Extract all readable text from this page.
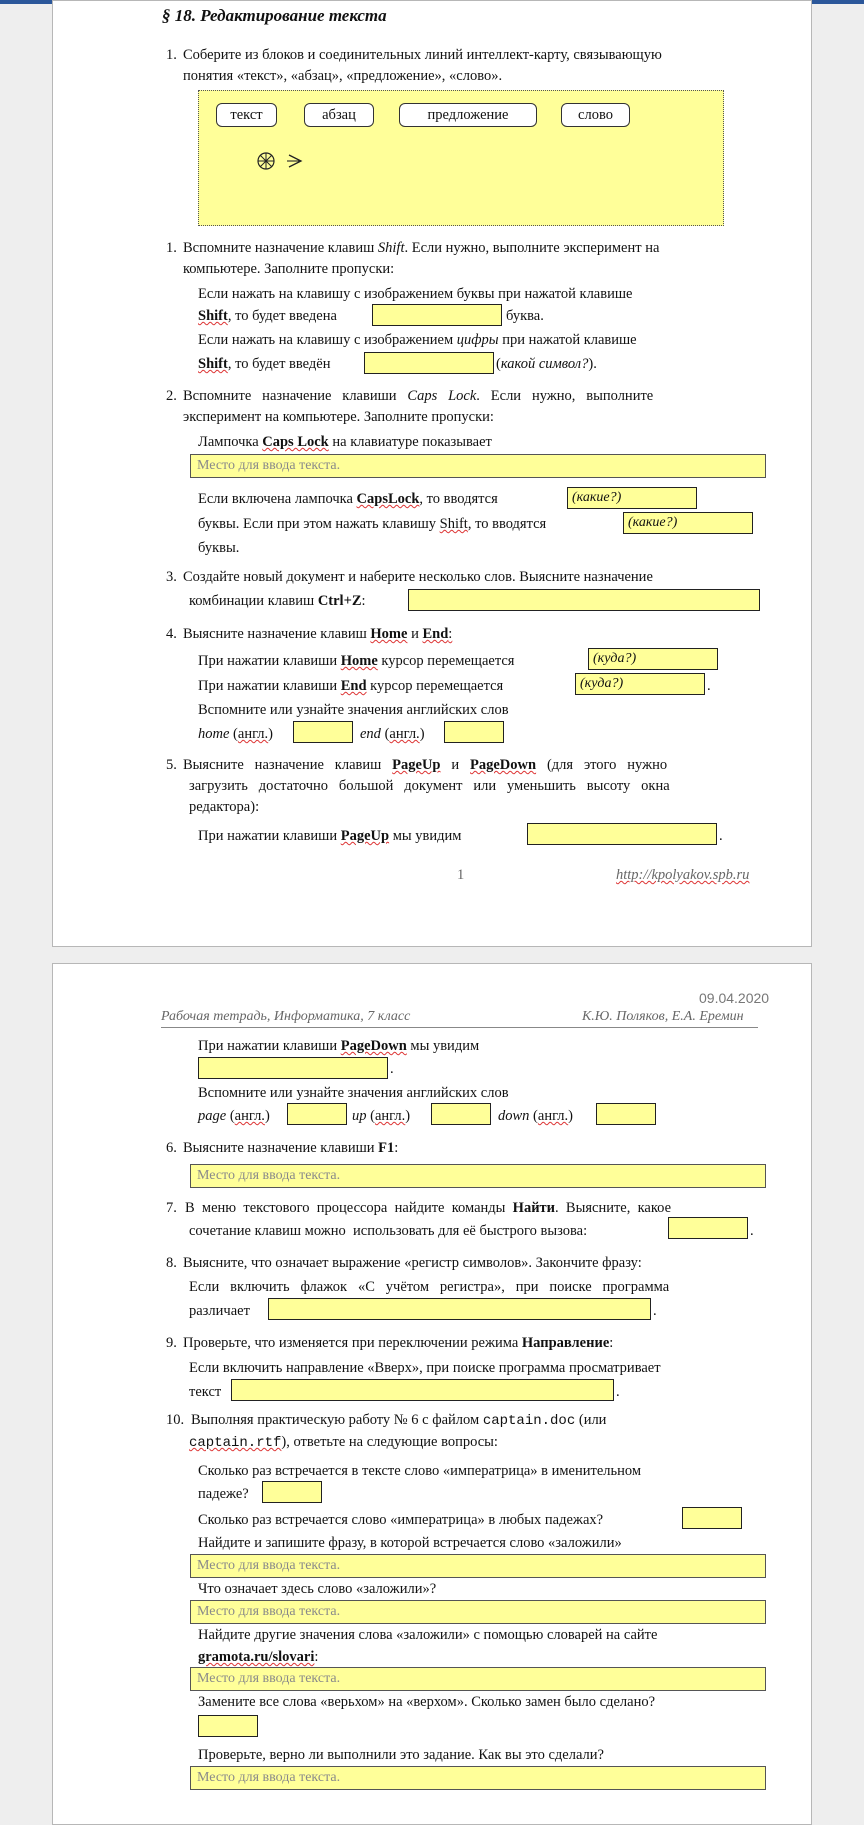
§ 18. Редактирование текста
1. Соберите из блоков и соединительных линий интеллект-карту, связывающую
понятия «текст», «абзац», «предложение», «слово».
текст	абзац	предложение	слово
1. Вспомните назначение клавиш Shift. Если нужно, выполните эксперимент на
компьютере. Заполните пропуски:
Если нажать на клавишу с изображением буквы при нажатой клавише
Shift, то будет введена	буква.
Если нажать на клавишу с изображением цифры при нажатой клавише
Shift, то будет введён	(какой символ?).
2. Вспомните   назначение   клавиши   Caps   Lock.   Если   нужно,   выполните
эксперимент на компьютере. Заполните пропуски:
Лампочка Caps Lock на клавиатуре показывает
Место для ввода текста.
Если включена лампочка CapsLock, то вводятся	(какие?)
буквы. Если при этом нажать клавишу Shift, то вводятся	(какие?)
буквы.
3. Создайте новый документ и наберите несколько слов. Выясните назначение
комбинации клавиш Ctrl+Z:
4. Выясните назначение клавиш Home и End:
При нажатии клавиши Home курсор перемещается	(куда?)
При нажатии клавиши End курсор перемещается	(куда?)	.
Вспомните или узнайте значения английских слов
home (англ.)	end (англ.)
5. Выясните   назначение   клавиш   PageUp   и   PageDown   (для   этого   нужно
загрузить   достаточно   большой   документ   или   уменьшить   высоту   окна
редактора):
При нажатии клавиши PageUp мы увидим	.
1	http://kpolyakov.spb.ru
09.04.2020
Рабочая тетрадь, Информатика, 7 класс	К.Ю. Поляков, Е.А. Еремин
При нажатии клавиши PageDown мы увидим
.
Вспомните или узнайте значения английских слов
page (англ.)	up (англ.)	down (англ.)
6. Выясните назначение клавиши F1:
Место для ввода текста.
7. В  меню  текстового  процессора  найдите  команды  Найти.  Выясните,  какое
сочетание клавиш можно  использовать для её быстрого вызова:	.
8. Выясните, что означает выражение «регистр символов». Закончите фразу:
Если   включить   флажок   «С   учётом   регистра»,   при   поиске   программа
различает	.
9. Проверьте, что изменяется при переключении режима Направление:
Если включить направление «Вверх», при поиске программа просматривает
текст	.
10. Выполняя практическую работу № 6 с файлом captain.doc (или
captain.rtf), ответьте на следующие вопросы:
Сколько раз встречается в тексте слово «императрица» в именительном
падеже?
Сколько раз встречается слово «императрица» в любых падежах?
Найдите и запишите фразу, в которой встречается слово «заложили»
Место для ввода текста.
Что означает здесь слово «заложили»?
Место для ввода текста.
Найдите другие значения слова «заложили» с помощью словарей на сайте
gramota.ru/slovari:
Место для ввода текста.
Замените все слова «верьхом» на «верхом». Сколько замен было сделано?
Проверьте, верно ли выполнили это задание. Как вы это сделали?
Место для ввода текста.
